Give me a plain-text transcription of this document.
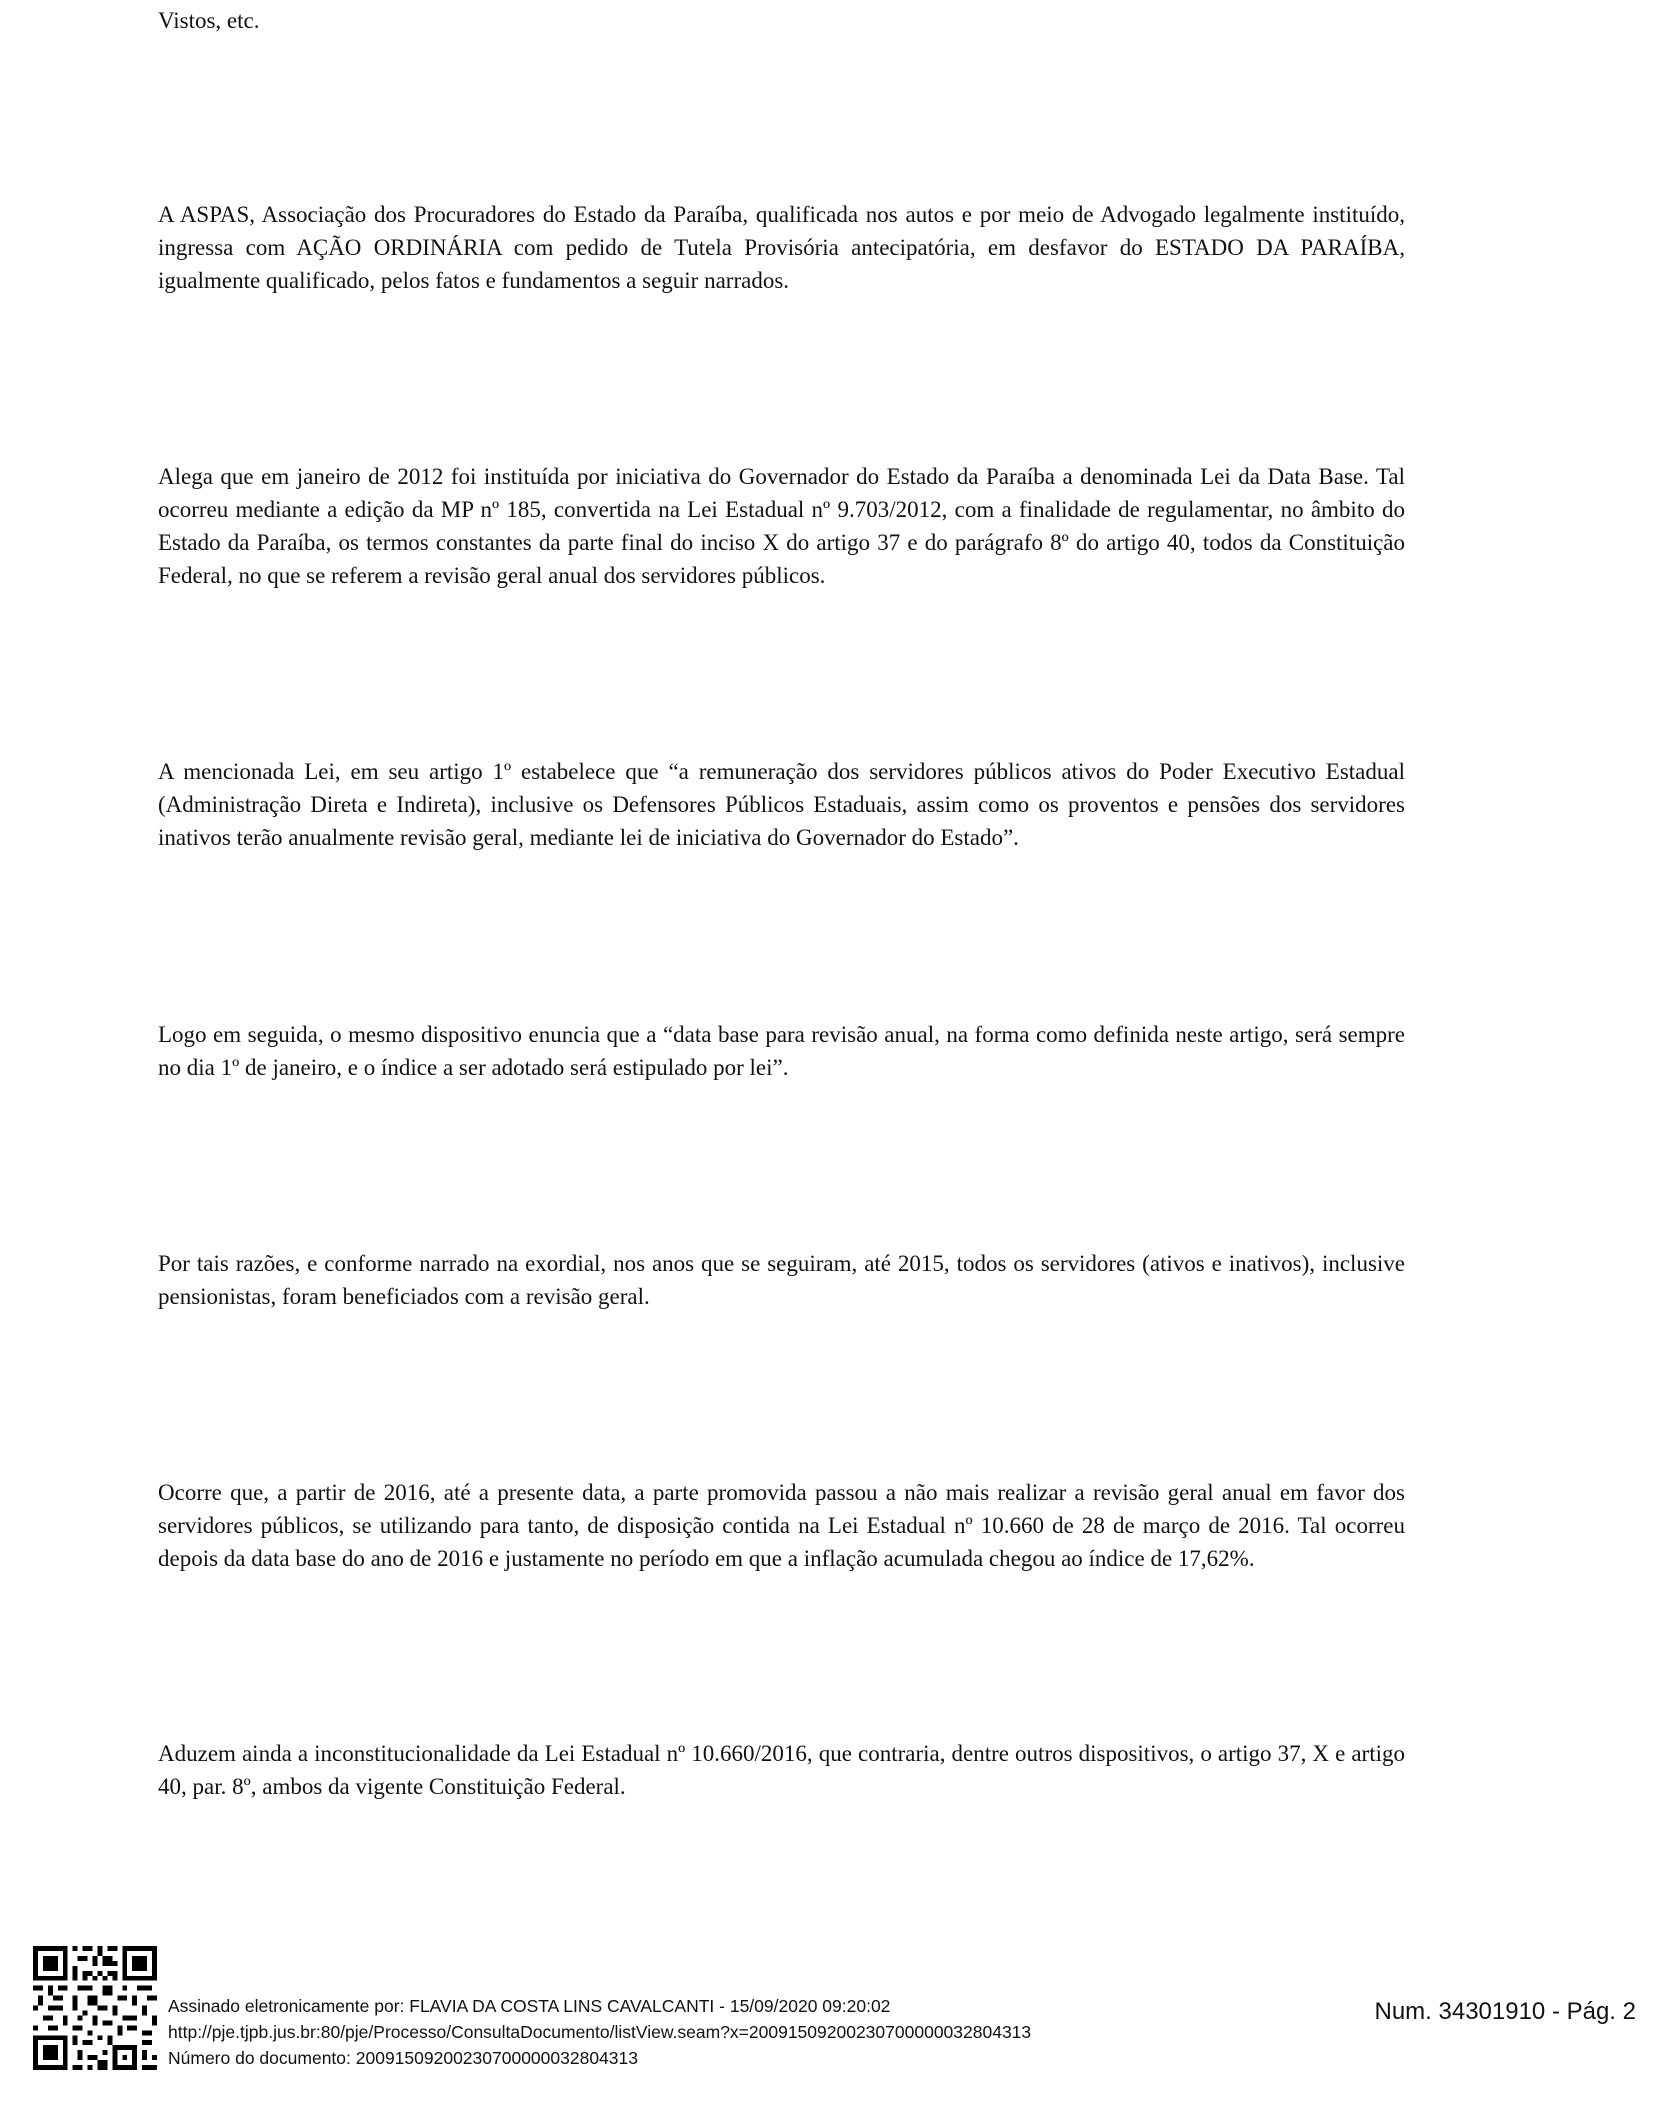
Vistos, etc.

A ASPAS, Associação dos Procuradores do Estado da Paraíba, qualificada nos autos e por meio de Advogado legalmente instituído, ingressa com AÇÃO ORDINÁRIA com pedido de Tutela Provisória antecipatória, em desfavor do ESTADO DA PARAÍBA, igualmente qualificado, pelos fatos e fundamentos a seguir narrados.

Alega que em janeiro de 2012 foi instituída por iniciativa do Governador do Estado da Paraíba a denominada Lei da Data Base. Tal ocorreu mediante a edição da MP nº 185, convertida na Lei Estadual nº 9.703/2012, com a finalidade de regulamentar, no âmbito do Estado da Paraíba, os termos constantes da parte final do inciso X do artigo 37 e do parágrafo 8º do artigo 40, todos da Constituição Federal, no que se referem a revisão geral anual dos servidores públicos.

A mencionada Lei, em seu artigo 1º estabelece que “a remuneração dos servidores públicos ativos do Poder Executivo Estadual (Administração Direta e Indireta), inclusive os Defensores Públicos Estaduais, assim como os proventos e pensões dos servidores inativos terão anualmente revisão geral, mediante lei de iniciativa do Governador do Estado”.

Logo em seguida, o mesmo dispositivo enuncia que a “data base para revisão anual, na forma como definida neste artigo, será sempre no dia 1º de janeiro, e o índice a ser adotado será estipulado por lei”.

Por tais razões, e conforme narrado na exordial, nos anos que se seguiram, até 2015, todos os servidores (ativos e inativos), inclusive pensionistas, foram beneficiados com a revisão geral.

Ocorre que, a partir de 2016, até a presente data, a parte promovida passou a não mais realizar a revisão geral anual em favor dos servidores públicos, se utilizando para tanto, de disposição contida na Lei Estadual nº 10.660 de 28 de março de 2016. Tal ocorreu depois da data base do ano de 2016 e justamente no período em que a inflação acumulada chegou ao índice de 17,62%.

Aduzem ainda a inconstitucionalidade da Lei Estadual nº 10.660/2016, que contraria, dentre outros dispositivos, o artigo 37, X e artigo 40, par. 8º, ambos da vigente Constituição Federal.

Assinado eletronicamente por: FLAVIA DA COSTA LINS CAVALCANTI - 15/09/2020 09:20:02
http://pje.tjpb.jus.br:80/pje/Processo/ConsultaDocumento/listView.seam?x=20091509200230700000032804313
Número do documento: 20091509200230700000032804313
Num. 34301910 - Pág. 2
